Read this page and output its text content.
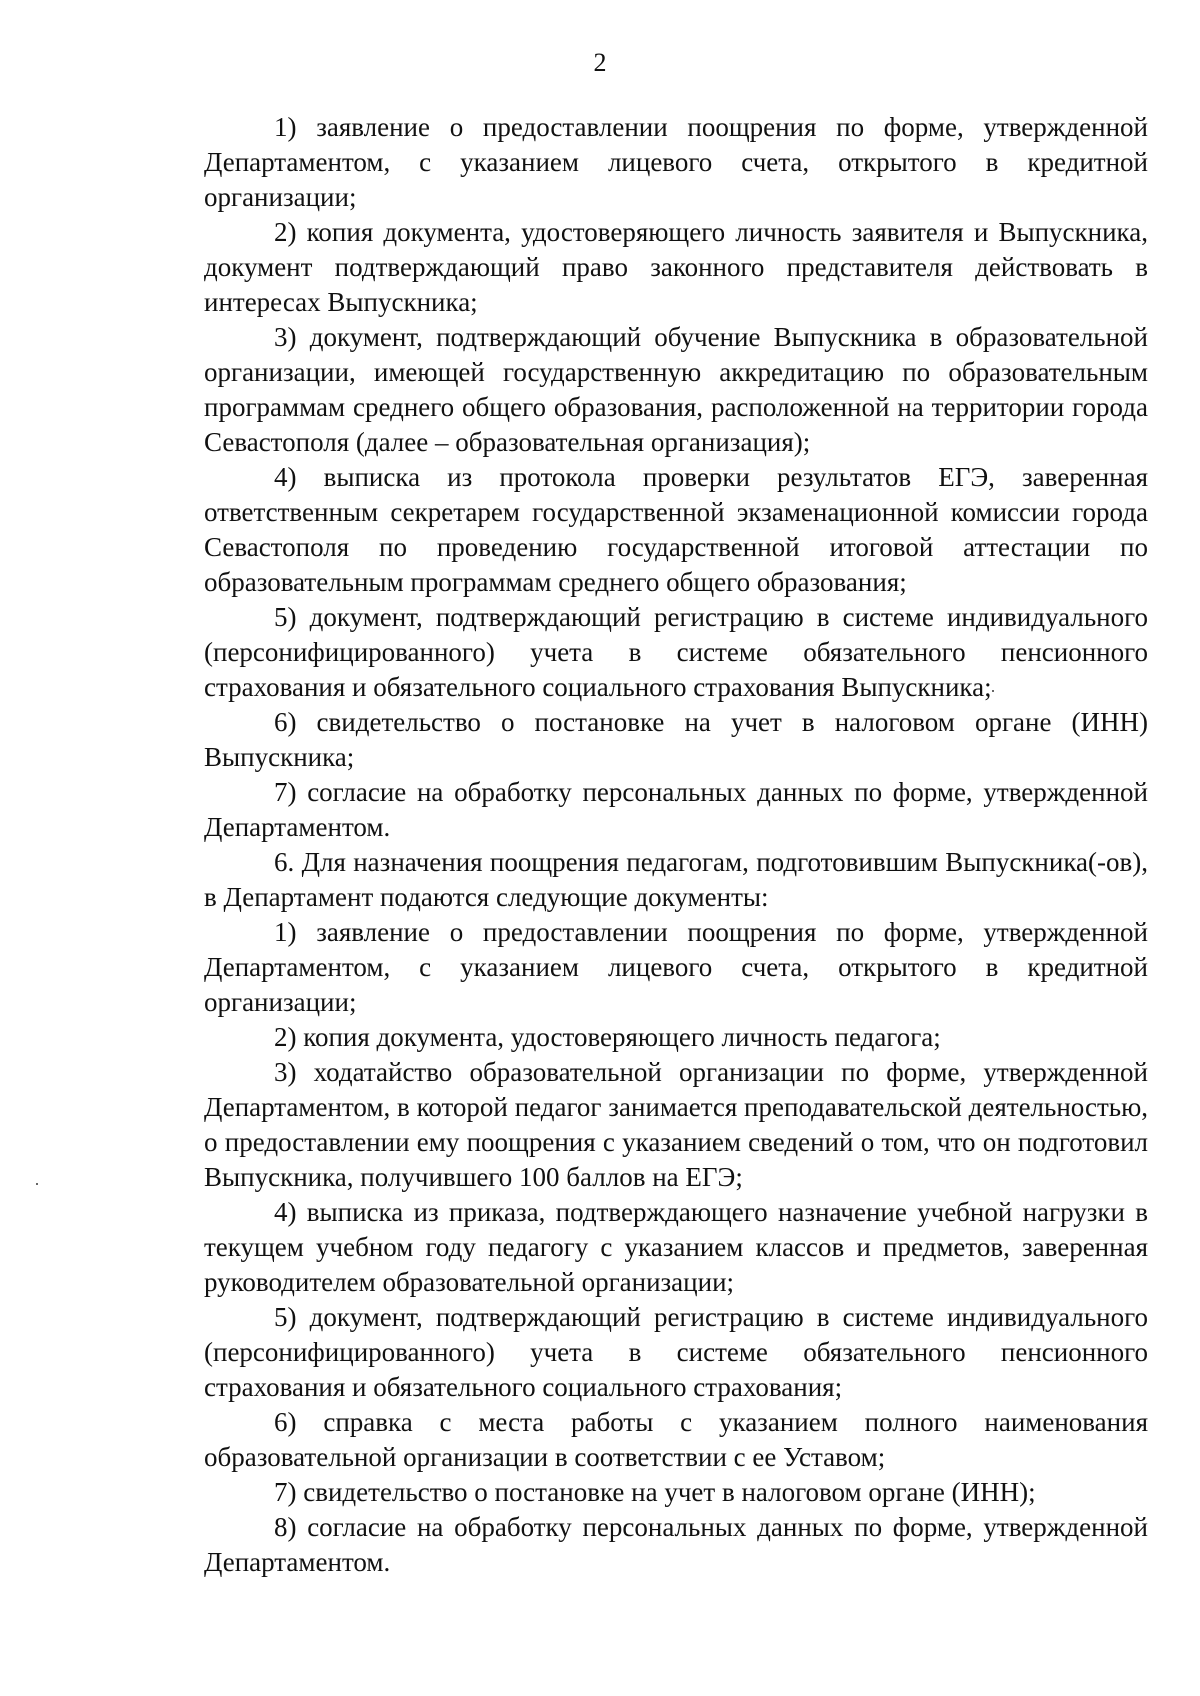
2

1) заявление о предоставлении поощрения по форме, утвержденной Департаментом, с указанием лицевого счета, открытого в кредитной организации;

2) копия документа, удостоверяющего личность заявителя и Выпускника, документ подтверждающий право законного представителя действовать в интересах Выпускника;

3) документ, подтверждающий обучение Выпускника в образовательной организации, имеющей государственную аккредитацию по образовательным программам среднего общего образования, расположенной на территории города Севастополя (далее – образовательная организация);

4) выписка из протокола проверки результатов ЕГЭ, заверенная ответственным секретарем государственной экзаменационной комиссии города Севастополя по проведению государственной итоговой аттестации по образовательным программам среднего общего образования;

5) документ, подтверждающий регистрацию в системе индивидуального (персонифицированного) учета в системе обязательного пенсионного страхования и обязательного социального страхования Выпускника;

6) свидетельство о постановке на учет в налоговом органе (ИНН) Выпускника;

7) согласие на обработку персональных данных по форме, утвержденной Департаментом.

6. Для назначения поощрения педагогам, подготовившим Выпускника(-ов), в Департамент подаются следующие документы:

1) заявление о предоставлении поощрения по форме, утвержденной Департаментом, с указанием лицевого счета, открытого в кредитной организации;

2) копия документа, удостоверяющего личность педагога;

3) ходатайство образовательной организации по форме, утвержденной Департаментом, в которой педагог занимается преподавательской деятельностью, о предоставлении ему поощрения с указанием сведений о том, что он подготовил Выпускника, получившего 100 баллов на ЕГЭ;

4) выписка из приказа, подтверждающего назначение учебной нагрузки в текущем учебном году педагогу с указанием классов и предметов, заверенная руководителем образовательной организации;

5) документ, подтверждающий регистрацию в системе индивидуального (персонифицированного) учета в системе обязательного пенсионного страхования и обязательного социального страхования;

6) справка с места работы с указанием полного наименования образовательной организации в соответствии с ее Уставом;

7) свидетельство о постановке на учет в налоговом органе (ИНН);

8) согласие на обработку персональных данных по форме, утвержденной Департаментом.
